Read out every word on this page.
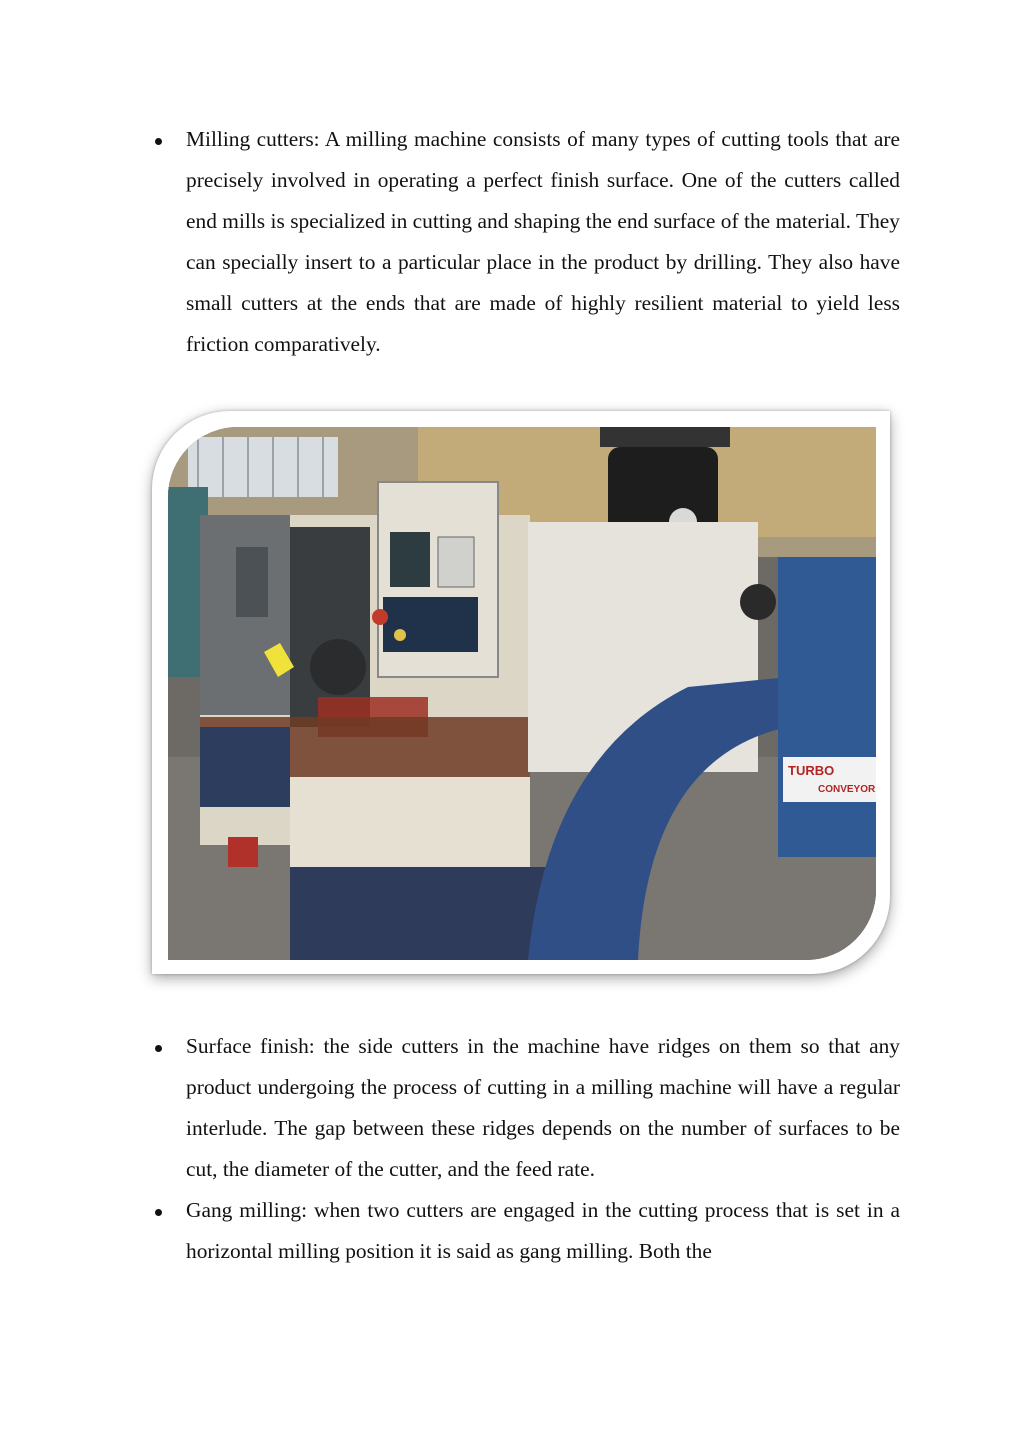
Milling cutters: A milling machine consists of many types of cutting tools that are precisely involved in operating a perfect finish surface. One of the cutters called end mills is specialized in cutting and shaping the end surface of the material. They can specially insert to a particular place in the product by drilling. They also have small cutters at the ends that are made of highly resilient material to yield less friction comparatively.
TURBO
CONVEYOR
Surface finish: the side cutters in the machine have ridges on them so that any product undergoing the process of cutting in a milling machine will have a regular interlude. The gap between these ridges depends on the number of surfaces to be cut, the diameter of the cutter, and the feed rate.
Gang milling: when two cutters are engaged in the cutting process that is set in a horizontal milling position it is said as gang milling. Both the
